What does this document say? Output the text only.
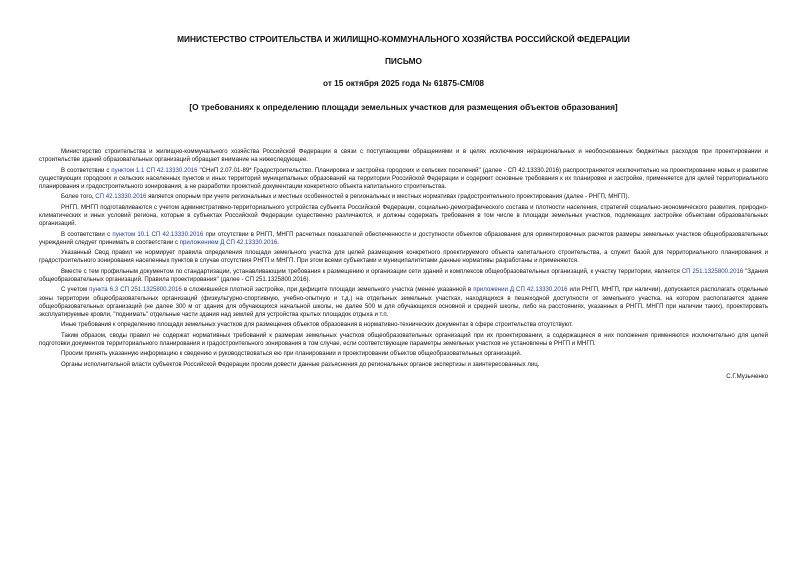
МИНИСТЕРСТВО СТРОИТЕЛЬСТВА И ЖИЛИЩНО-КОММУНАЛЬНОГО ХОЗЯЙСТВА РОССИЙСКОЙ ФЕДЕРАЦИИ
ПИСЬМО
от 15 октября 2025 года № 61875-СМ/08
[О требованиях к определению площади земельных участков для размещения объектов образования]

Министерство строительства и жилищно-коммунального хозяйства Российской Федерации в связи с поступающими обращениями и в целях исключения нерациональных и необоснованных бюджетных расходов при проектировании и строительстве зданий образовательных организаций обращает внимание на нижеследующее.

В соответствии с пунктом 1.1 СП 42.13330.2016 "СНиП 2.07.01-89* Градостроительство. Планировка и застройка городских и сельских поселений" (далее - СП 42.13330.2016) распространяется исключительно на проектирование новых и развитие существующих городских и сельских населенных пунктов и иных территорий муниципальных образований на территории Российской Федерации и содержит основные требования к их планировке и застройке, применяется для целей территориального планирования и градостроительного зонирования, а не разработки проектной документации конкретного объекта капитального строительства.

Более того, СП 42.13330.2016 является опорным при учете региональных и местных особенностей в региональных и местных нормативах градостроительного проектирования (далее - РНГП, МНГП).

РНГП, МНГП подготавливаются с учетом административно-территориального устройства субъекта Российской Федерации, социально-демографического состава и плотности населения, стратегий социально-экономического развития, природно-климатических и иных условий региона, которые в субъектах Российской Федерации существенно различаются, и должны содержать требования в том числе в площади земельных участков, подлежащих застройке объектами образовательных организаций.

В соответствии с пунктом 10.1 СП 42.13330.2016 при отсутствии в РНГП, МНГП расчетных показателей обеспеченности и доступности объектов образования для ориентировочных расчетов размеры земельных участков общеобразовательных учреждений следует принимать в соответствии с приложением Д СП 42.13330.2016.

Указанный Свод правил не нормирует правила определения площади земельного участка для целей размещения конкретного проектируемого объекта капитального строительства, а служит базой для территориального планирования и градостроительного зонирования населенных пунктов в случае отсутствия РНГП и МНГП. При этом всеми субъектами и муниципалитетами данные нормативы разработаны и применяются.

Вместе с тем профильным документом по стандартизации, устанавливающим требования к размещению и организации сети зданий и комплексов общеобразовательных организаций, к участку территории, является СП 251.1325800.2016 "Здания общеобразовательных организаций. Правила проектирования" (далее - СП 251.1325800.2016).

С учетом пункта 6.3 СП 251.1325800.2016 в сложившейся плотной застройке, при дефиците площади земельного участка (менее указанной в приложении Д СП 42.13330.2016 или РНГП, МНГП, при наличии), допускается располагать отдельные зоны территории общеобразовательных организаций (физкультурно-спортивную, учебно-опытную и т.д.) на отдельных земельных участках, находящихся в пешеходной доступности от земельного участка, на котором располагается здание общеобразовательных организаций (не далее 300 м от здания для обучающихся начальной школы, не далее 500 м для обучающихся основной и средней школы, либо на расстояниях, указанных в РНГП, МНГП при наличии таких), проектировать эксплуатируемые кровли, "поднимать" отдельные части здания над землей для устройства крытых площадок отдыха и т.п.

Иные требования к определению площади земельных участков для размещения объектов образования в нормативно-технических документах в сфере строительства отсутствуют.

Таким образом, своды правил не содержат нормативных требований к размерам земельных участков общеобразовательных организаций при их проектировании, а содержащиеся в них положения применяются исключительно для целей подготовки документов территориального планирования и градостроительного зонирования в том случае, если соответствующие параметры земельных участков не установлены в РНГП и МНГП.

Просим принять указанную информацию к сведению и руководствоваться ею при планировании и проектировании объектов общеобразовательных организаций.

Органы исполнительной власти субъектов Российской Федерации просим довести данные разъяснения до региональных органов экспертизы и заинтересованных лиц.

С.Г.Музыченко
